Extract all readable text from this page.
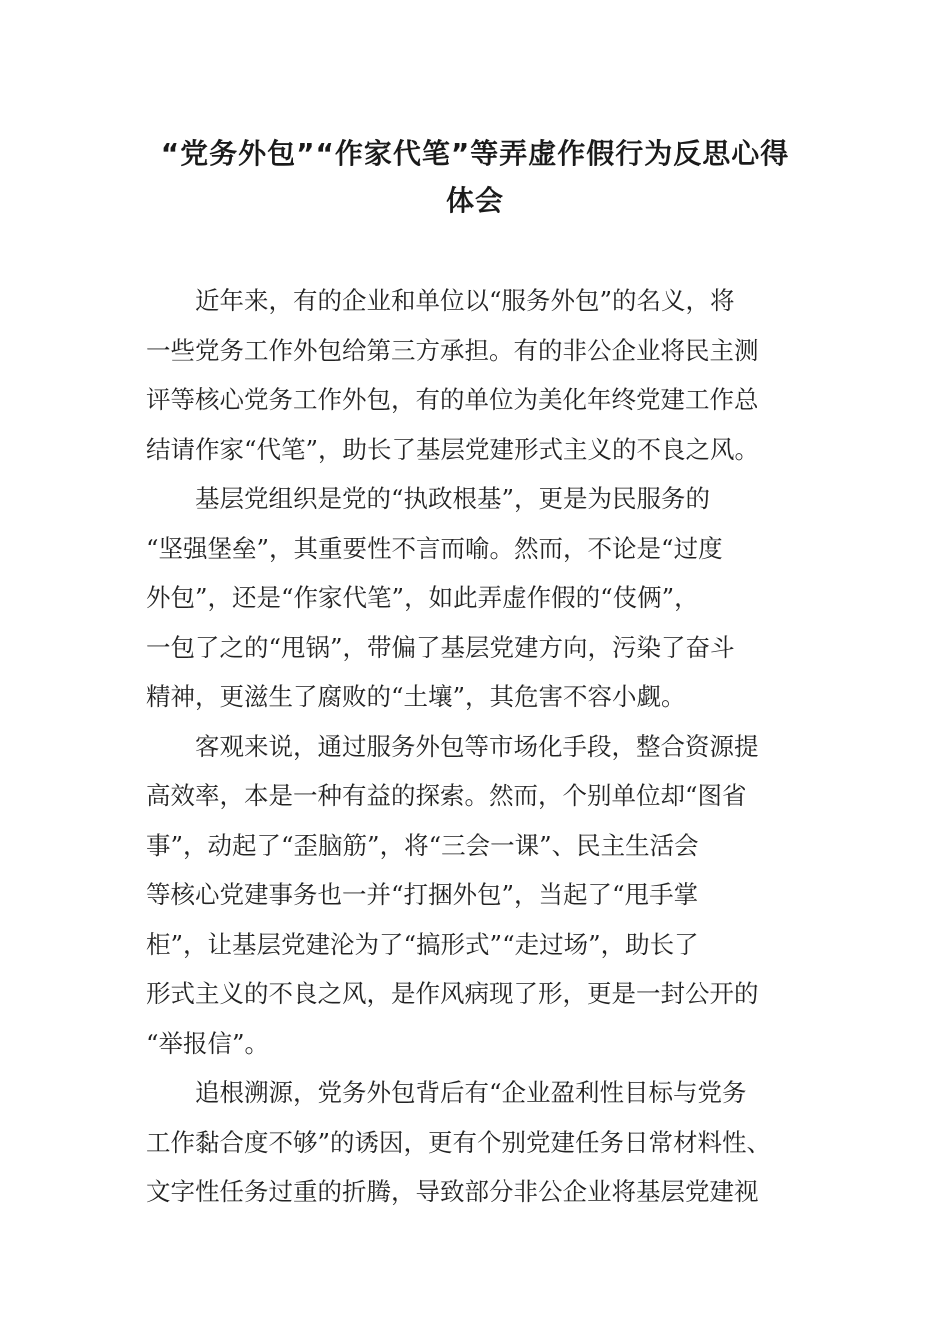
“党务外包”“作家代笔”等弄虚作假行为反思心得
体会
近年来，有的企业和单位以“服务外包”的名义，将
一些党务工作外包给第三方承担。有的非公企业将民主测
评等核心党务工作外包，有的单位为美化年终党建工作总
结请作家“代笔”，助长了基层党建形式主义的不良之风。
基层党组织是党的“执政根基”，更是为民服务的
“坚强堡垒”，其重要性不言而喻。然而，不论是“过度
外包”，还是“作家代笔”，如此弄虚作假的“伎俩”，
一包了之的“甩锅”，带偏了基层党建方向，污染了奋斗
精神，更滋生了腐败的“土壤”，其危害不容小觑。
客观来说，通过服务外包等市场化手段，整合资源提
高效率，本是一种有益的探索。然而，个别单位却“图省
事”，动起了“歪脑筋”，将“三会一课”、民主生活会
等核心党建事务也一并“打捆外包”，当起了“甩手掌
柜”，让基层党建沦为了“搞形式”“走过场”，助长了
形式主义的不良之风，是作风病现了形，更是一封公开的
“举报信”。
追根溯源，党务外包背后有“企业盈利性目标与党务
工作黏合度不够”的诱因，更有个别党建任务日常材料性、
文字性任务过重的折腾，导致部分非公企业将基层党建视
